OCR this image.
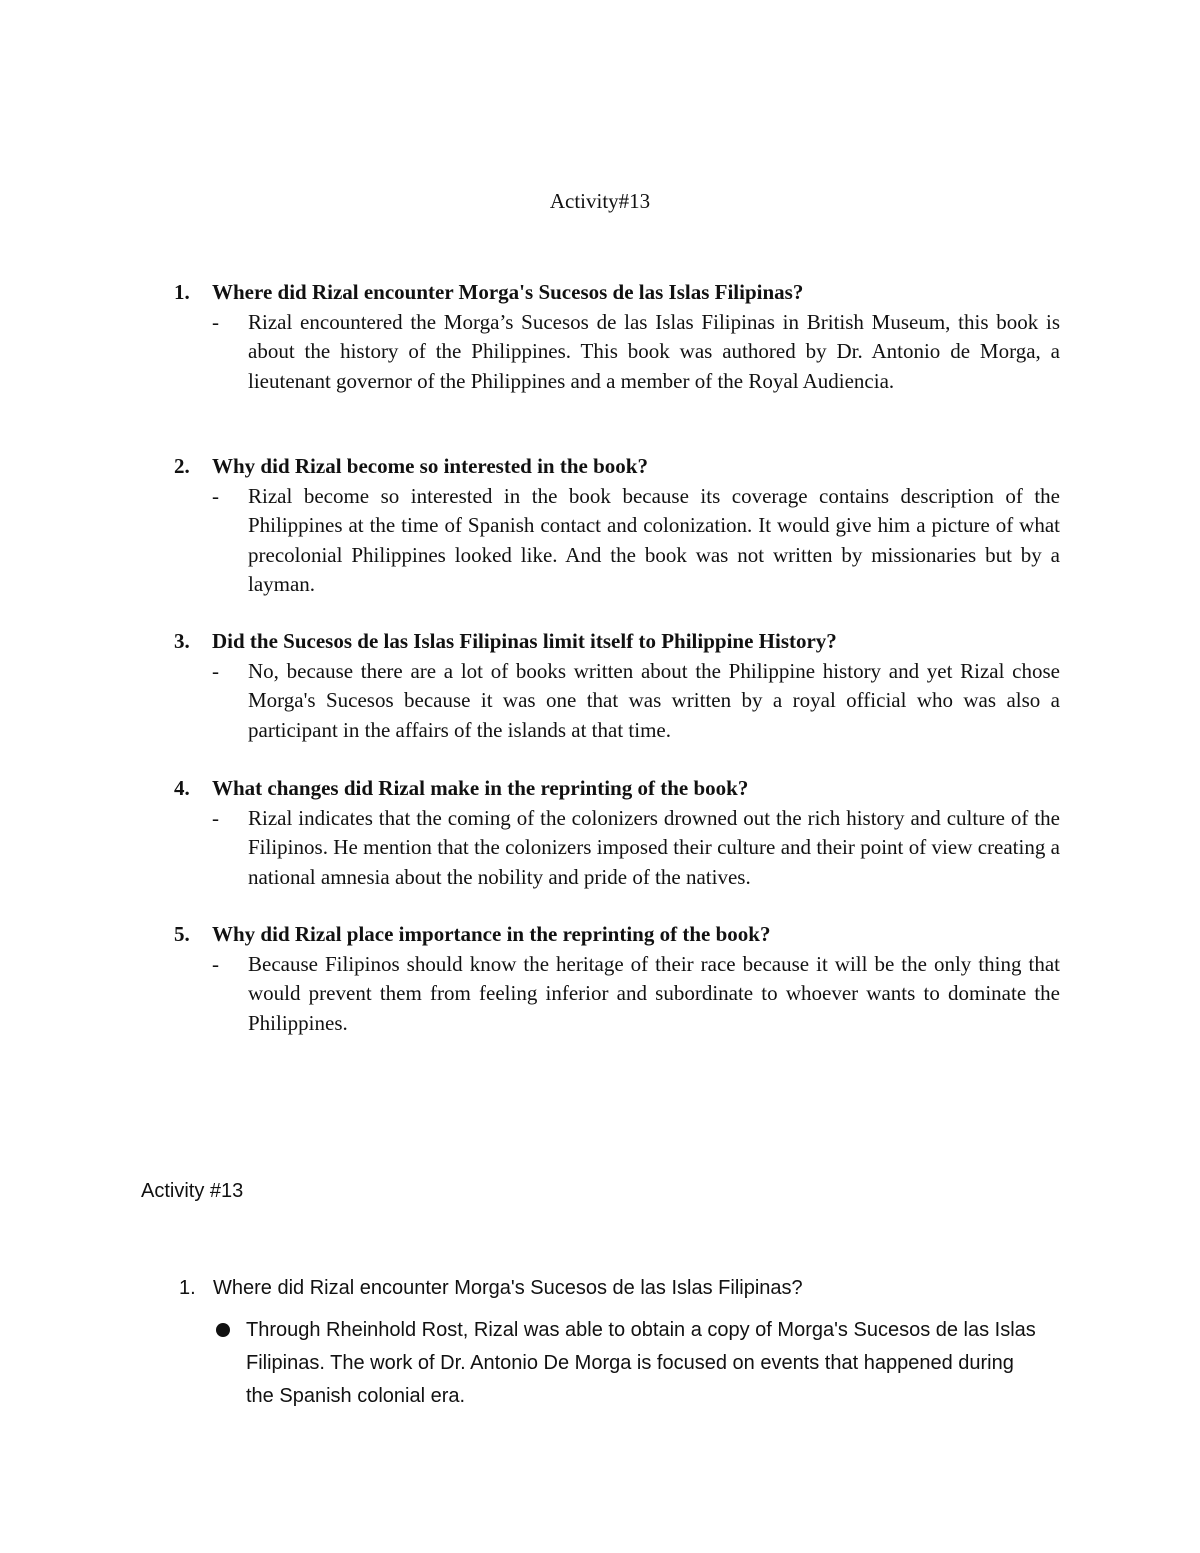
Activity#13
1.	Where did Rizal encounter Morga's Sucesos de las Islas Filipinas?
-	Rizal encountered the Morga’s Sucesos de las Islas Filipinas in British Museum, this book is about the history of the Philippines. This book was authored by Dr. Antonio de Morga, a lieutenant governor of the Philippines and a member of the Royal Audiencia.
2.	Why did Rizal become so interested in the book?
-	Rizal become so interested in the book because its coverage contains description of the Philippines at the time of Spanish contact and colonization. It would give him a picture of what precolonial Philippines looked like. And the book was not written by missionaries but by a layman.
3.	Did the Sucesos de las Islas Filipinas limit itself to Philippine History?
-	No, because there are a lot of books written about the Philippine history and yet Rizal chose Morga's Sucesos because it was one that was written by a royal official who was also a participant in the affairs of the islands at that time.
4.	What changes did Rizal make in the reprinting of the book?
-	Rizal indicates that the coming of the colonizers drowned out the rich history and culture of the Filipinos. He mention that the colonizers imposed their culture and their point of view creating a national amnesia about the nobility and pride of the natives.
5.	Why did Rizal place importance in the reprinting of the book?
-	Because Filipinos should know the heritage of their race because it will be the only thing that would prevent them from feeling inferior and subordinate to whoever wants to dominate the Philippines.
Activity #13
1. Where did Rizal encounter Morga's Sucesos de las Islas Filipinas?
Through Rheinhold Rost, Rizal was able to obtain a copy of Morga's Sucesos de las Islas Filipinas. The work of Dr. Antonio De Morga is focused on events that happened during the Spanish colonial era.
